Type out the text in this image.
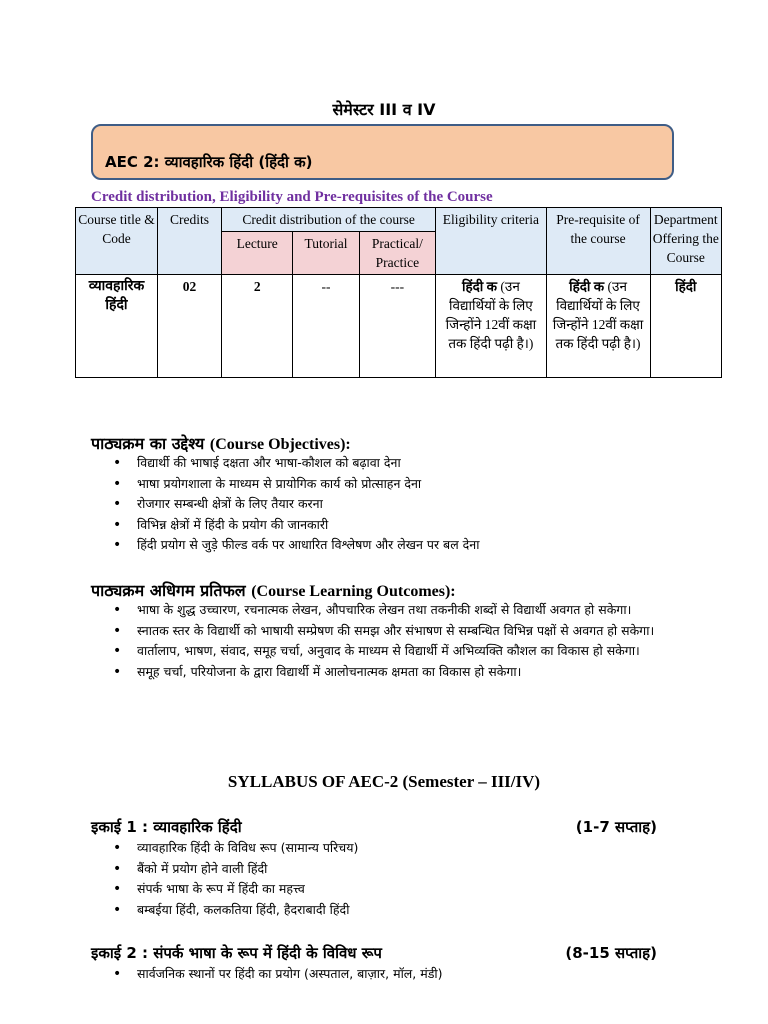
सेमेस्टर III व IV
AEC 2: व्यावहारिक हिंदी (हिंदी क)
Credit distribution, Eligibility and Pre-requisites of the Course
Course title & Code	Credits	Credit distribution of the course			Eligibility criteria	Pre-requisite of the course	Department Offering the Course
		Lecture	Tutorial	Practical/ Practice			
व्यावहारिक हिंदी	02	2	--	---	हिंदी क (उन विद्यार्थियों के लिए जिन्होंने 12वीं कक्षा तक हिंदी पढ़ी है।)	हिंदी क (उन विद्यार्थियों के लिए जिन्होंने 12वीं कक्षा तक हिंदी पढ़ी है।)	हिंदी
पाठ्यक्रम का उद्देश्य (Course Objectives):
• विद्यार्थी की भाषाई दक्षता और भाषा-कौशल को बढ़ावा देना
• भाषा प्रयोगशाला के माध्यम से प्रायोगिक कार्य को प्रोत्साहन देना
• रोजगार सम्बन्धी क्षेत्रों के लिए तैयार करना
• विभिन्न क्षेत्रों में हिंदी के प्रयोग की जानकारी
• हिंदी प्रयोग से जुड़े फील्ड वर्क पर आधारित विश्लेषण और लेखन पर बल देना
पाठ्यक्रम अधिगम प्रतिफल (Course Learning Outcomes):
• भाषा के शुद्ध उच्चारण, रचनात्मक लेखन, औपचारिक लेखन तथा तकनीकी शब्दों से विद्यार्थी अवगत हो सकेगा।
• स्नातक स्तर के विद्यार्थी को भाषायी सम्प्रेषण की समझ और संभाषण से सम्बन्धित विभिन्न पक्षों से अवगत हो सकेगा।
• वार्तालाप, भाषण, संवाद, समूह चर्चा, अनुवाद के माध्यम से विद्यार्थी में अभिव्यक्ति कौशल का विकास हो सकेगा।
• समूह चर्चा, परियोजना के द्वारा विद्यार्थी में आलोचनात्मक क्षमता का विकास हो सकेगा।
SYLLABUS OF AEC-2 (Semester – III/IV)
इकाई 1 : व्यावहारिक हिंदी	(1-7 सप्ताह)
• व्यावहारिक हिंदी के विविध रूप (सामान्य परिचय)
• बैंको में प्रयोग होने वाली हिंदी
• संपर्क भाषा के रूप में हिंदी का महत्त्व
• बम्बईया हिंदी, कलकतिया हिंदी, हैदराबादी हिंदी
इकाई 2 : संपर्क भाषा के रूप में हिंदी के विविध रूप	(8-15 सप्ताह)
• सार्वजनिक स्थानों पर हिंदी का प्रयोग (अस्पताल, बाज़ार, मॉल, मंडी)
